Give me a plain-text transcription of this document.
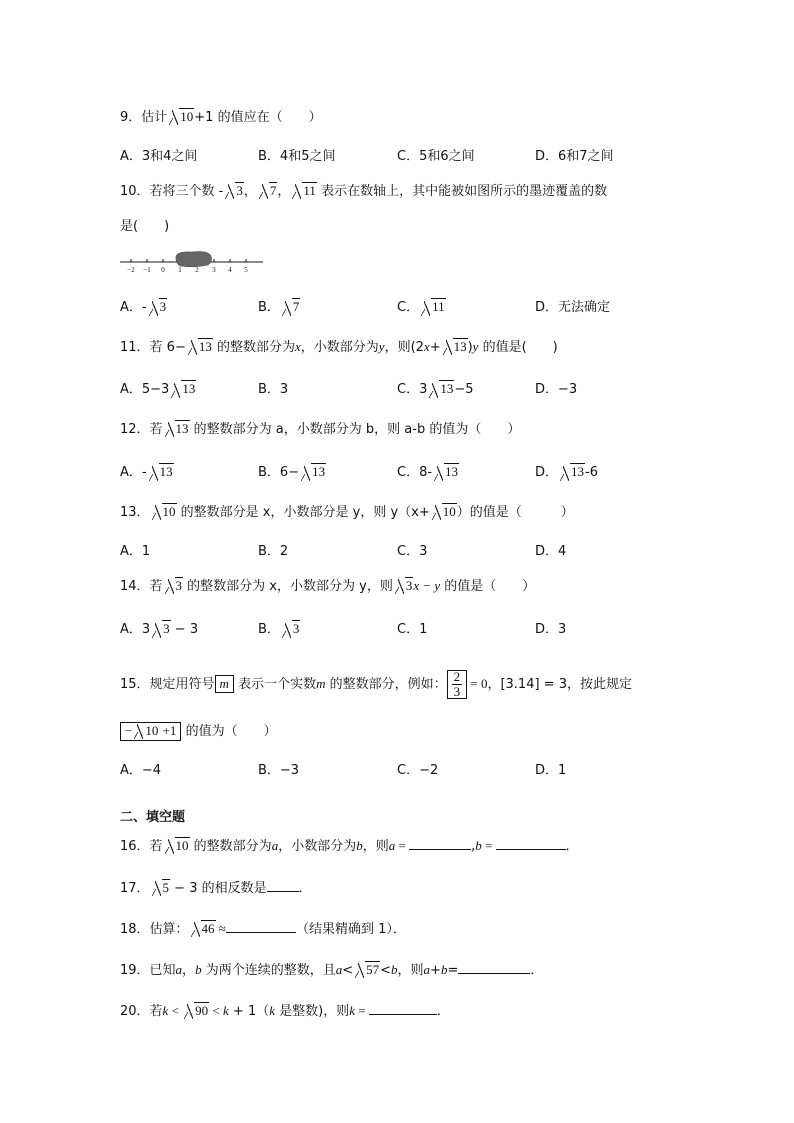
9．估计 10+1 的值应在（　　）
A．3和4之间	B．4和5之间	C．5和6之间	D．6和7之间
10．若将三个数 - 3， 7， 11 表示在数轴上，其中能被如图所示的墨迹覆盖的数
是(　　)
−2 −1 0 1 2 3 4 5
A．- 3	B． 7	C． 11	D．无法确定
11．若 6− 13 的整数部分为x，小数部分为y，则(2x+ 13)y 的值是(　　)
A．5−3 13	B．3	C．3 13−5	D．−3
12．若 13 的整数部分为 a，小数部分为 b，则 a-b 的值为（　　）
A．- 13	B．6− 13	C．8- 13	D． 13-6
13． 10 的整数部分是 x，小数部分是 y，则 y（x+ 10）的值是（　　　）
A．1	B．2	C．3	D．4
14．若 3 的整数部分为 x，小数部分为 y，则 3x − y 的值是（　　）
A．3 3 − 3	B． 3	C．1	D．3
15．规定用符号 m 表示一个实数m 的整数部分，例如： $\frac{2}{3} = 0$，[3.14] = 3，按此规定
− 10 +1 的值为（　　）
A．−4	B．−3	C．−2	D．1
二、填空题
16．若 10 的整数部分为a，小数部分为b，则a =	,b =	．
17． 5 − 3 的相反数是 ．
18．估算： 46 ≈	（结果精确到 1）．
19．已知a，b 为两个连续的整数，且a< 57<b，则a+b=	．
20．若k < 90 < k + 1（k 是整数)，则k =	．
